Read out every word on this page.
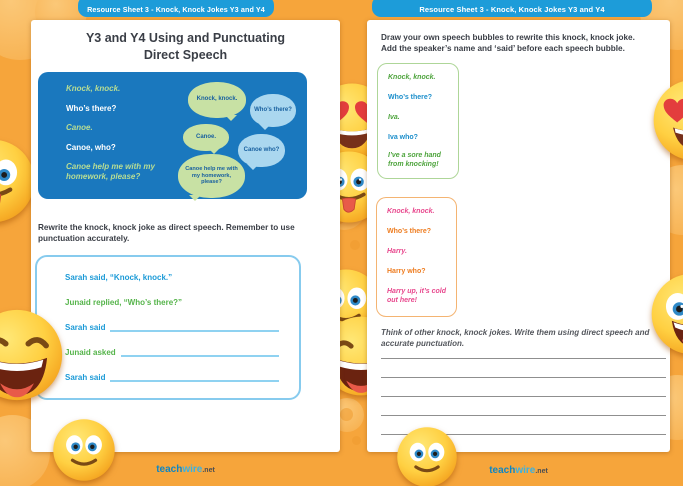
Y3 and Y4 Using and Punctuating
Direct Speech
Knock, knock.
Who’s there?
Canoe.
Canoe, who?
Canoe help me with my homework, please?
Knock, knock.
Who’s there?
Canoe.
Canoe who?
Canoe help me with my homework, please?
Rewrite the knock, knock joke as direct speech. Remember to use punctuation accurately.
Sarah said, “Knock, knock.”
Junaid replied, “Who’s there?”
Sarah said
Junaid asked
Sarah said
Draw your own speech bubbles to rewrite this knock, knock joke.
Add the speaker’s name and ‘said’ before each speech bubble.
Knock, knock.
Who’s there?
Iva.
Iva who?
I’ve a sore hand from knocking!
Knock, knock.
Who’s there?
Harry.
Harry who?
Harry up, it’s cold out here!
Think of other knock, knock jokes. Write them using direct speech and accurate punctuation.
Resource Sheet 3 - Knock, Knock Jokes Y3 and Y4	Resource Sheet 3 - Knock, Knock Jokes Y3 and Y4
teachwire.net	teachwire.net
